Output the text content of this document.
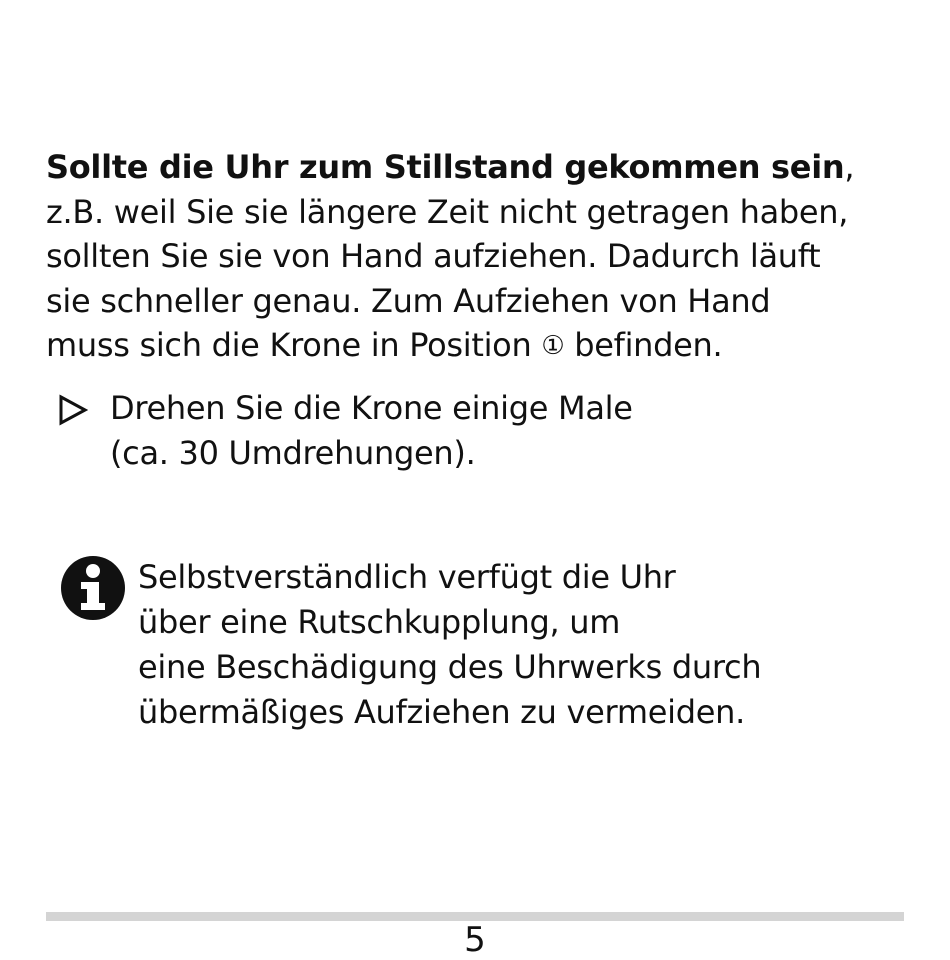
Sollte die Uhr zum Stillstand gekommen sein,
z.B. weil Sie sie längere Zeit nicht getragen haben,
sollten Sie sie von Hand aufziehen. Dadurch läuft
sie schneller genau. Zum Aufziehen von Hand
muss sich die Krone in Position ① befinden.
Drehen Sie die Krone einige Male
(ca. 30 Umdrehungen).
Selbstverständlich verfügt die Uhr
über eine Rutschkupplung, um
eine Beschädigung des Uhrwerks durch
übermäßiges Aufziehen zu vermeiden.
5
